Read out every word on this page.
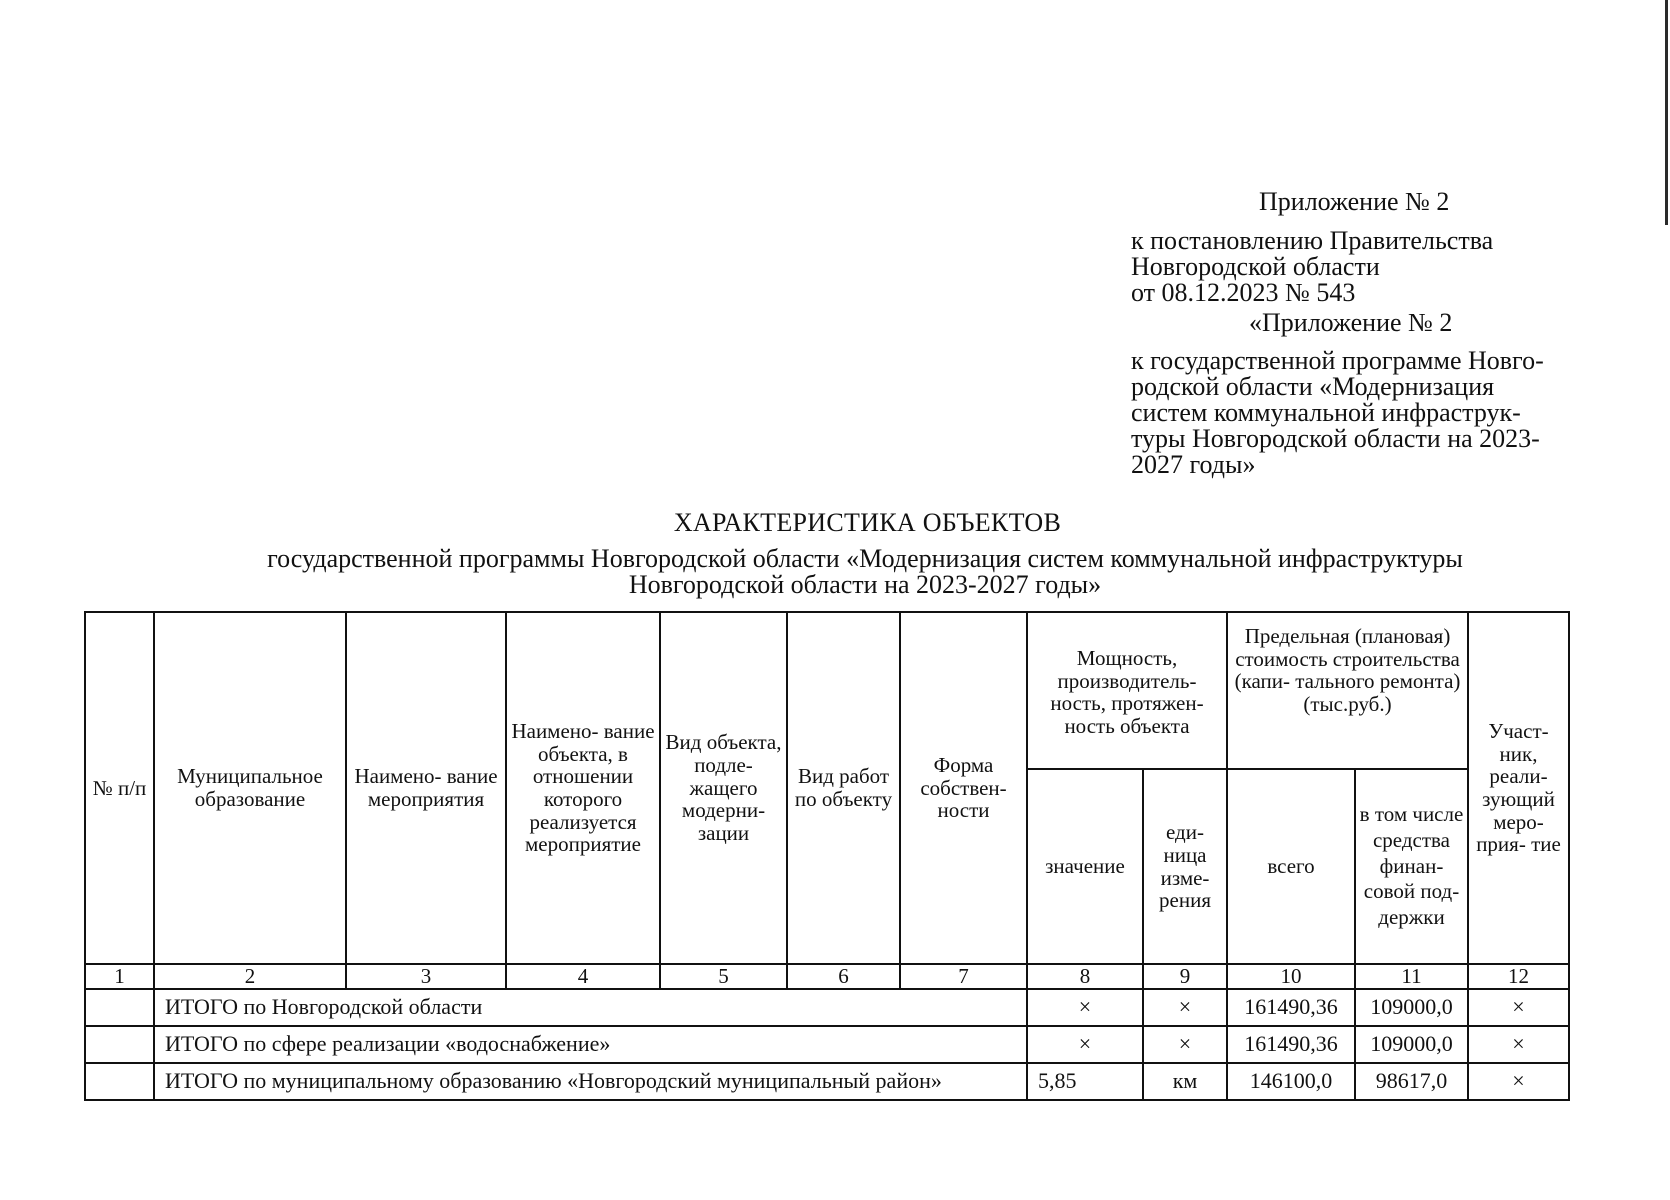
Приложение № 2
к постановлению Правительства
Новгородской области
от 08.12.2023 № 543
«Приложение № 2
к государственной программе Новго-
родской области «Модернизация
систем коммунальной инфраструк-
туры Новгородской области на 2023-
2027 годы»
ХАРАКТЕРИСТИКА ОБЪЕКТОВ
государственной программы Новгородской области «Модернизация систем коммунальной инфраструктуры
Новгородской области на 2023-2027 годы»
№ п/п	Муниципальное образование	Наимено- вание мероприятия	Наимено- вание объекта, в отношении которого реализуется мероприятие	Вид объекта, подле- жащего модерни- зации	Вид работ по объекту	Форма собствен- ности	Мощность, производитель- ность, протяжен- ность объекта		Предельная (плановая) стоимость строительства (капи- тального ремонта) (тыс.руб.)		Участ- ник, реали- зующий меро- прия- тие
							значение	еди- ница изме- рения	всего	в том числе средства финан- совой под- держки	
1	2	3	4	5	6	7	8	9	10	11	12
	ИТОГО по Новгородской области						×	×	161490,36	109000,0	×
	ИТОГО по сфере реализации «водоснабжение»						×	×	161490,36	109000,0	×
	ИТОГО по муниципальному образованию «Новгородский муниципальный район»						5,85	км	146100,0	98617,0	×
